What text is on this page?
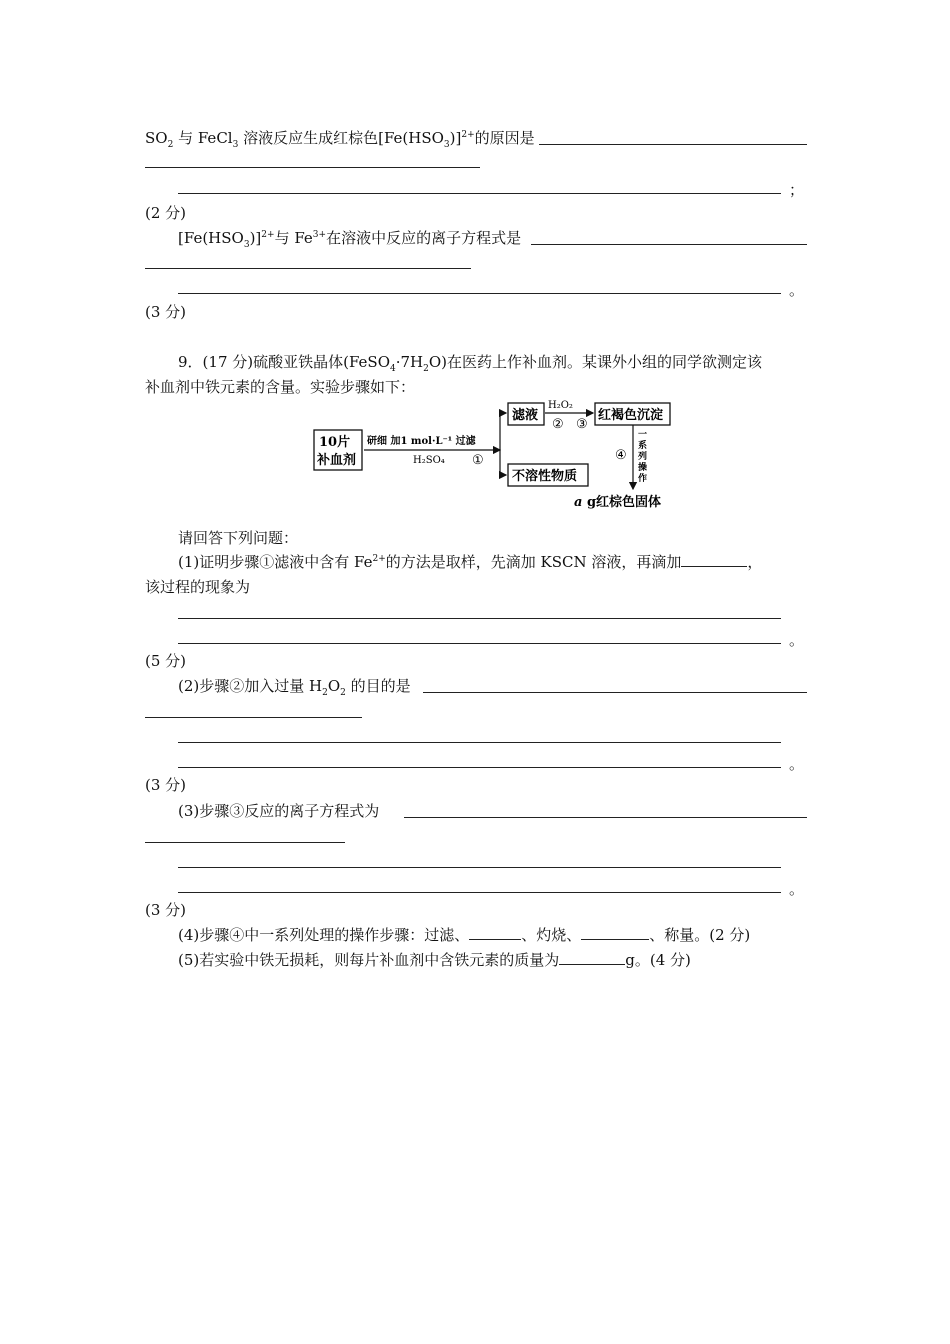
$SO_2$ 与 FeCl$_3$ 溶液反应生成红棕色$[Fe(HSO_3)]^{2+}$的原因是
；
(2 分)
$[Fe(HSO_3)]^{2+}$与 $Fe^{3+}$在溶液中反应的离子方程式是
。
(3 分)
9．(17 分)硫酸亚铁晶体$(FeSO_4\cdot 7H_2O)$在医药上作补血剂。某课外小组的同学欲测定该
补血剂中铁元素的含量。实验步骤如下：
10片
补血剂
研细 加1 mol·L⁻¹ 过滤
H₂SO₄ ①
滤液
H₂O₂
② ③
红褐色沉淀
不溶性物质
④
一
系
列
操
作
a g红棕色固体
请回答下列问题：
(1)证明步骤①滤液中含有 $Fe^{2+}$的方法是取样，先滴加 KSCN 溶液，再滴加	，
该过程的现象为
。
(5 分)
(2)步骤②加入过量 $H_2O_2$ 的目的是
。
(3 分)
(3)步骤③反应的离子方程式为
。
(3 分)
(4)步骤④中一系列处理的操作步骤：过滤、	、灼烧、	、称量。(2 分)
(5)若实验中铁无损耗，则每片补血剂中含铁元素的质量为	g。(4 分)
